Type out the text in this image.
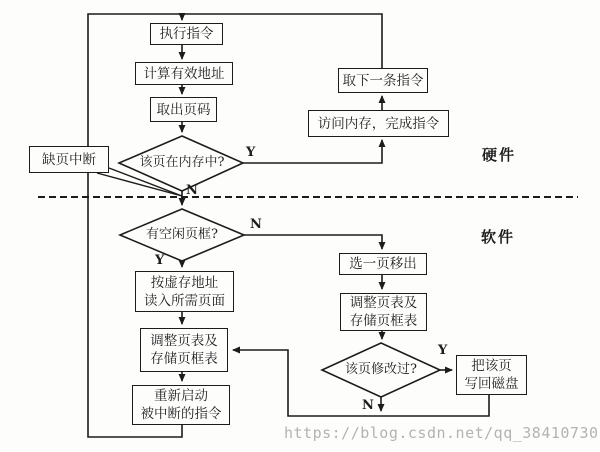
执行指令
计算有效地址
取出页码
缺页中断
取下一条指令
访问内存，完成指令
按虚存地址
读入所需页面
调整页表及
存储页框表
重新启动
被中断的指令
选一页移出
调整页表及
存储页框表
把该页
写回磁盘
该页在内存中?
有空闲页框?
该页修改过?
Y
N
N
Y
Y
N
硬件
软件
https://blog.csdn.net/qq_38410730
